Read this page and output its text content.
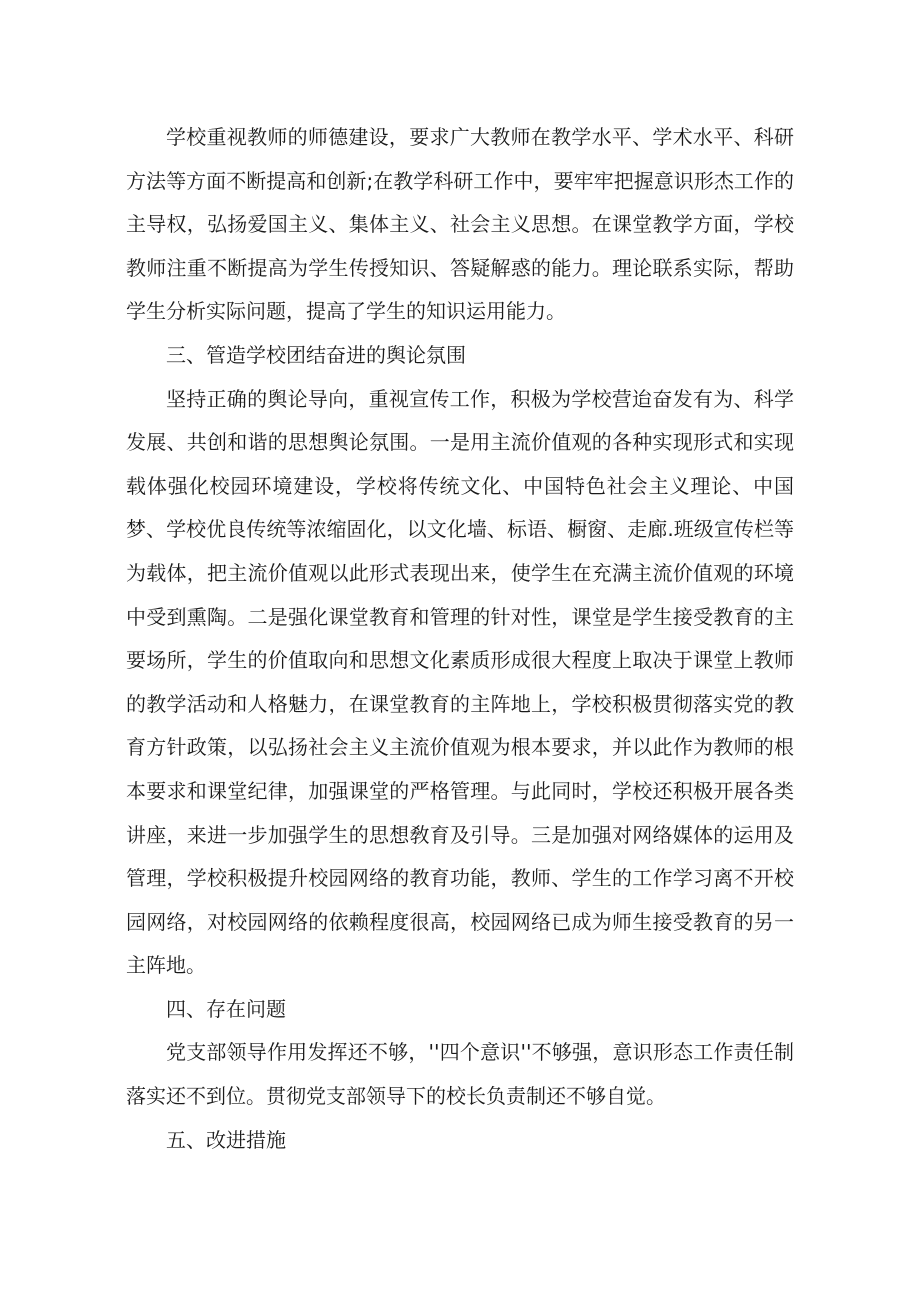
学校重视教师的师德建设，要求广大教师在教学水平、学术水平、科研方法等方面不断提高和创新;在教学科研工作中，要牢牢把握意识形杰工作的主导权，弘扬爱国主义、集体主义、社会主义思想。在课堂教学方面，学校教师注重不断提高为学生传授知识、答疑解惑的能力。理论联系实际，帮助学生分析实际问题，提高了学生的知识运用能力。

三、管造学校团结奋进的舆论氛围

坚持正确的舆论导向，重视宣传工作，积极为学校营迨奋发有为、科学发展、共创和谐的思想舆论氛围。一是用主流价值观的各种实现形式和实现载体强化校园环境建设，学校将传统文化、中国特色社会主义理论、中国梦、学校优良传统等浓缩固化，以文化墙、标语、橱窗、走廊.班级宣传栏等为载体，把主流价值观以此形式表现出来，使学生在充满主流价值观的环境中受到熏陶。二是强化课堂教育和管理的针对性，课堂是学生接受教育的主要场所，学生的价值取向和思想文化素质形成很大程度上取决于课堂上教师的教学活动和人格魅力，在课堂教育的主阵地上，学校积极贯彻落实党的教育方针政策，以弘扬社会主义主流价值观为根本要求，并以此作为教师的根本要求和课堂纪律，加强课堂的严格管理。与此同时，学校还积极开展各类讲座，来进一步加强学生的思想敎育及引导。三是加强对网络媒体的运用及管理，学校积极提升校园网络的教育功能，教师、学生的工作学习离不开校园网络，对校园网络的依赖程度很高，校园网络已成为师生接受教育的另一主阵地。

四、存在问题

党支部领导作用发挥还不够，''四个意识''不够强，意识形态工作责任制落实还不到位。贯彻党支部领导下的校长负责制还不够自觉。

五、改进措施
